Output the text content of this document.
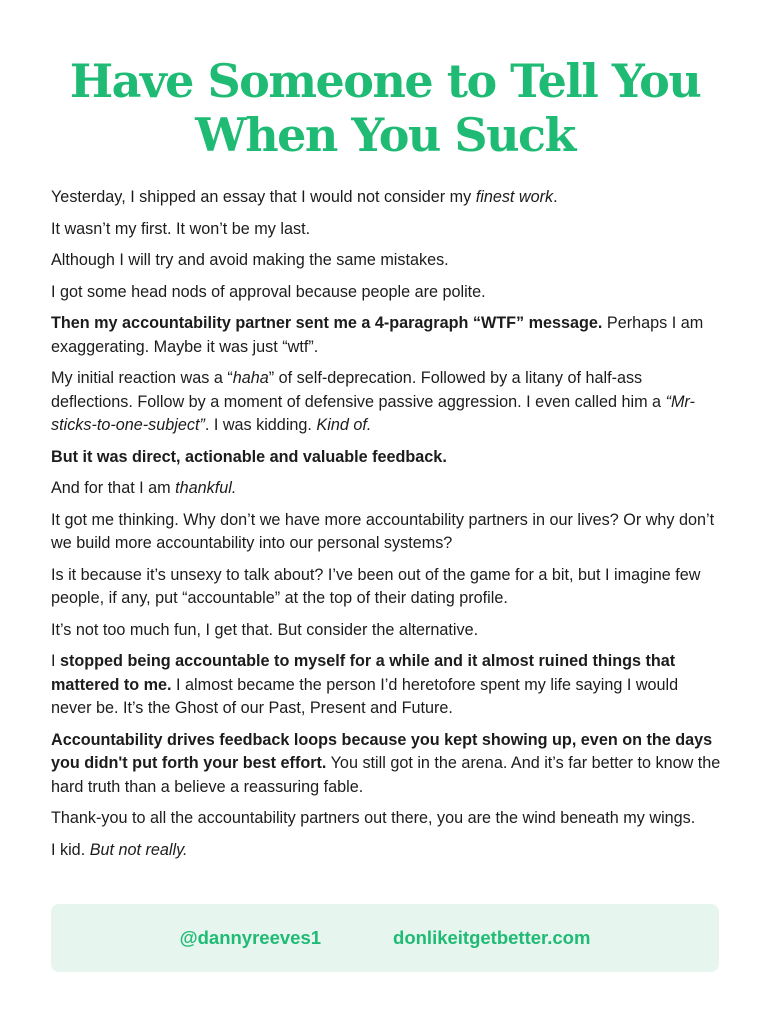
Have Someone to Tell You
When You Suck

Yesterday, I shipped an essay that I would not consider my finest work.

It wasn’t my first. It won’t be my last.

Although I will try and avoid making the same mistakes.

I got some head nods of approval because people are polite.

Then my accountability partner sent me a 4-paragraph “WTF” message. Perhaps I am exaggerating. Maybe it was just “wtf”.

My initial reaction was a “haha” of self-deprecation. Followed by a litany of half-ass deflections. Follow by a moment of defensive passive aggression. I even called him a “Mr-sticks-to-one-subject”. I was kidding. Kind of.

But it was direct, actionable and valuable feedback.

And for that I am thankful.

It got me thinking. Why don’t we have more accountability partners in our lives? Or why don’t we build more accountability into our personal systems?

Is it because it’s unsexy to talk about? I’ve been out of the game for a bit, but I imagine few people, if any, put “accountable” at the top of their dating profile.

It’s not too much fun, I get that. But consider the alternative.

I stopped being accountable to myself for a while and it almost ruined things that mattered to me. I almost became the person I’d heretofore spent my life saying I would never be. It’s the Ghost of our Past, Present and Future.

Accountability drives feedback loops because you kept showing up, even on the days you didn't put forth your best effort. You still got in the arena. And it’s far better to know the hard truth than a believe a reassuring fable.

Thank-you to all the accountability partners out there, you are the wind beneath my wings.

I kid. But not really.

@dannyreeves1	donlikeitgetbetter.com
